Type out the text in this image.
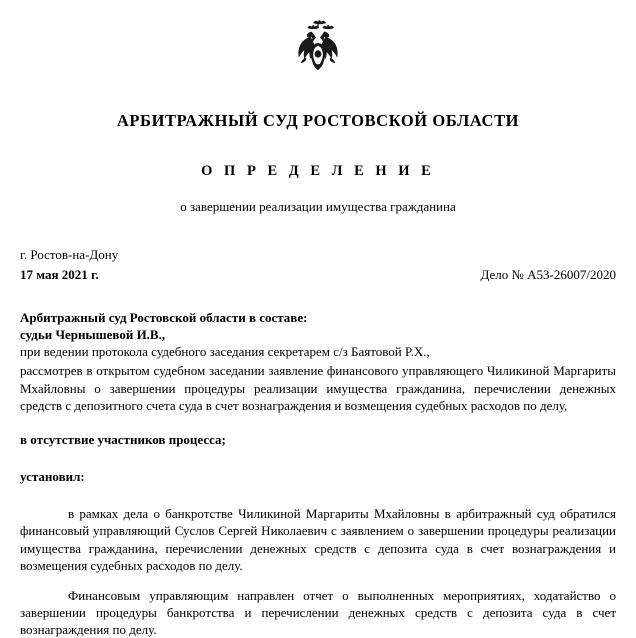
АРБИТРАЖНЫЙ СУД РОСТОВСКОЙ ОБЛАСТИ
О П Р Е Д Е Л Е Н И Е
о завершении реализации имущества гражданина
г. Ростов-на-Дону
17 мая 2021 г.	Дело № А53-26007/2020

Арбитражный суд Ростовской области в составе:

судьи Чернышевой И.В.,

при ведении протокола судебного заседания секретарем с/з Баятовой Р.Х.,

рассмотрев в открытом судебном заседании заявление финансового управляющего Чиликиной Маргариты Мхайловны о завершении процедуры реализации имущества гражданина, перечислении денежных средств с депозитного счета суда в счет вознаграждения и возмещения судебных расходов по делу,

в отсутствие участников процесса;

установил:

в рамках дела о банкротстве Чиликиной Маргариты Мхайловны в арбитражный суд обратился финансовый управляющий Суслов Сергей Николаевич с заявлением о завершении процедуры реализации имущества гражданина, перечислении денежных средств с депозита суда в счет вознаграждения и возмещения судебных расходов по делу.

Финансовым управляющим направлен отчет о выполненных мероприятиях, ходатайство о завершении процедуры банкротства и перечислении денежных средств с депозита суда в счет вознаграждения по делу.
